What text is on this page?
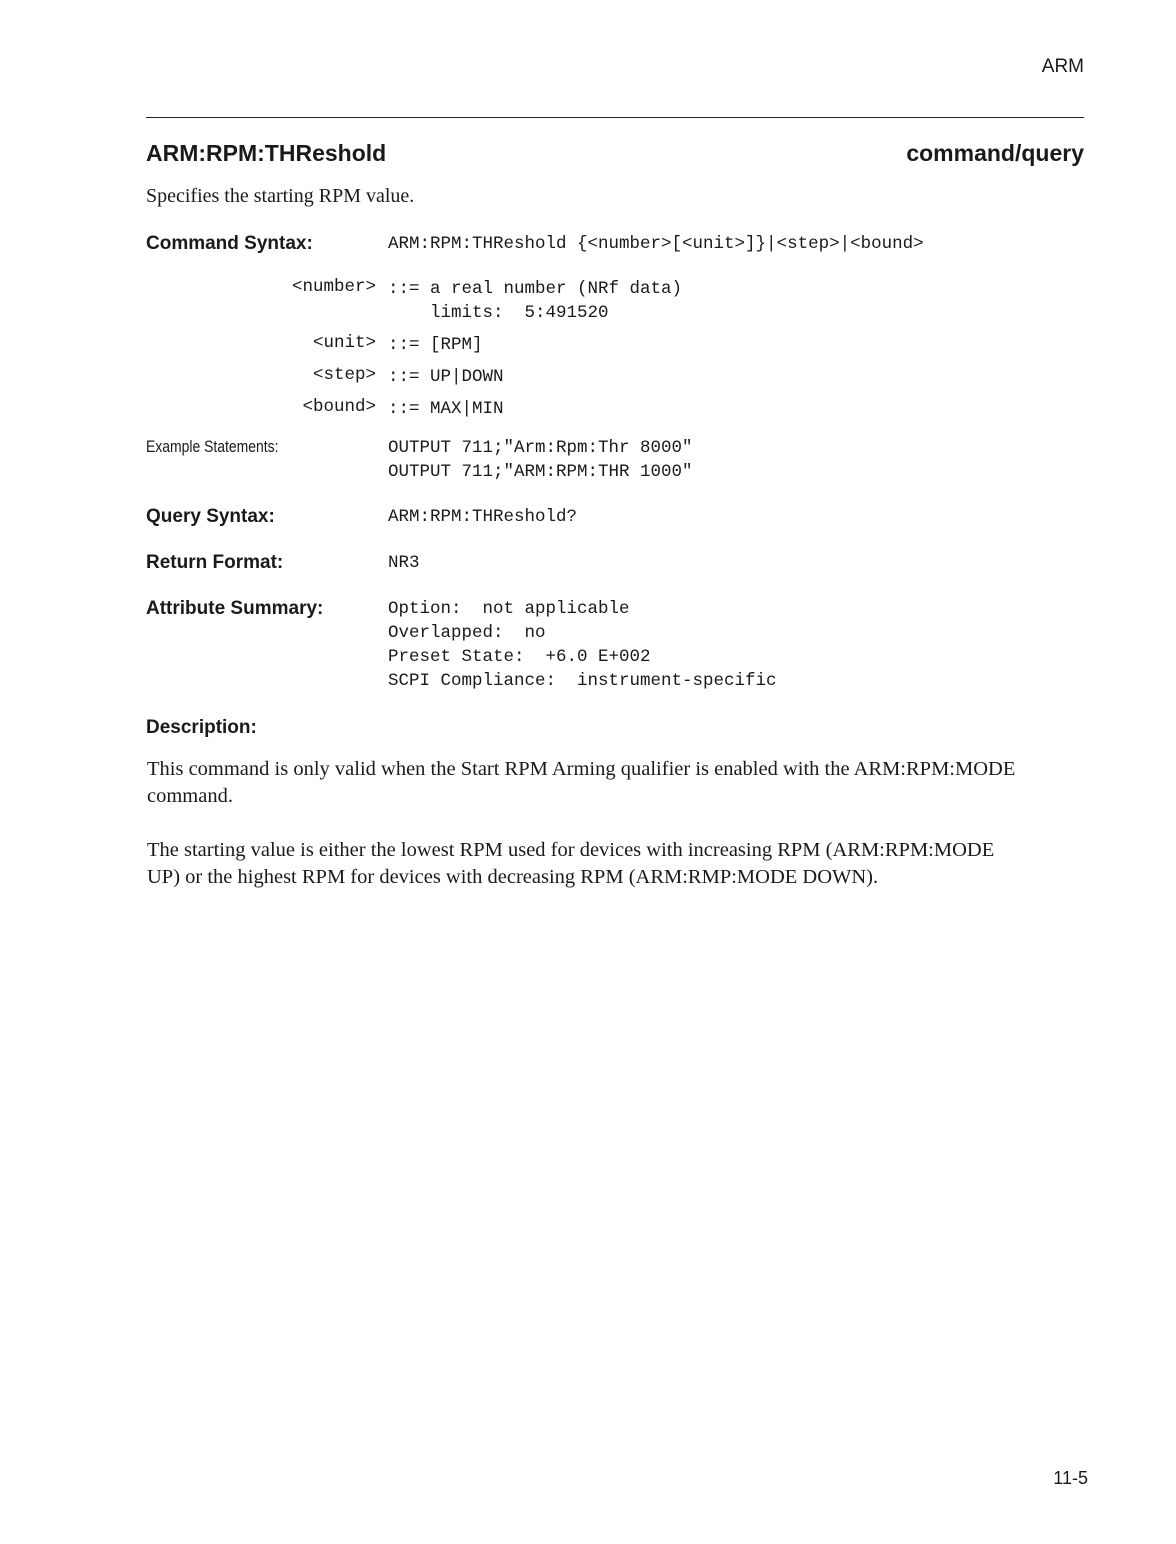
ARM
ARM:RPM:THReshold	command/query
Specifies the starting RPM value.
Command Syntax:	ARM:RPM:THReshold {<number>[<unit>]}|<step>|<bound>
<number> ::= a real number (NRf data)
limits:  5:491520
<unit> ::= [RPM]
<step> ::= UP|DOWN
<bound> ::= MAX|MIN
Example Statements:	OUTPUT 711;"Arm:Rpm:Thr 8000"
OUTPUT 711;"ARM:RPM:THR 1000"
Query Syntax:	ARM:RPM:THReshold?
Return Format:	NR3
Attribute Summary:	Option:  not applicable
Overlapped:  no
Preset State:  +6.0 E+002
SCPI Compliance:  instrument-specific
Description:
This command is only valid when the Start RPM Arming qualifier is enabled with the ARM:RPM:MODE command.
The starting value is either the lowest RPM used for devices with increasing RPM (ARM:RPM:MODE UP) or the highest RPM for devices with decreasing RPM (ARM:RMP:MODE DOWN).
11-5
